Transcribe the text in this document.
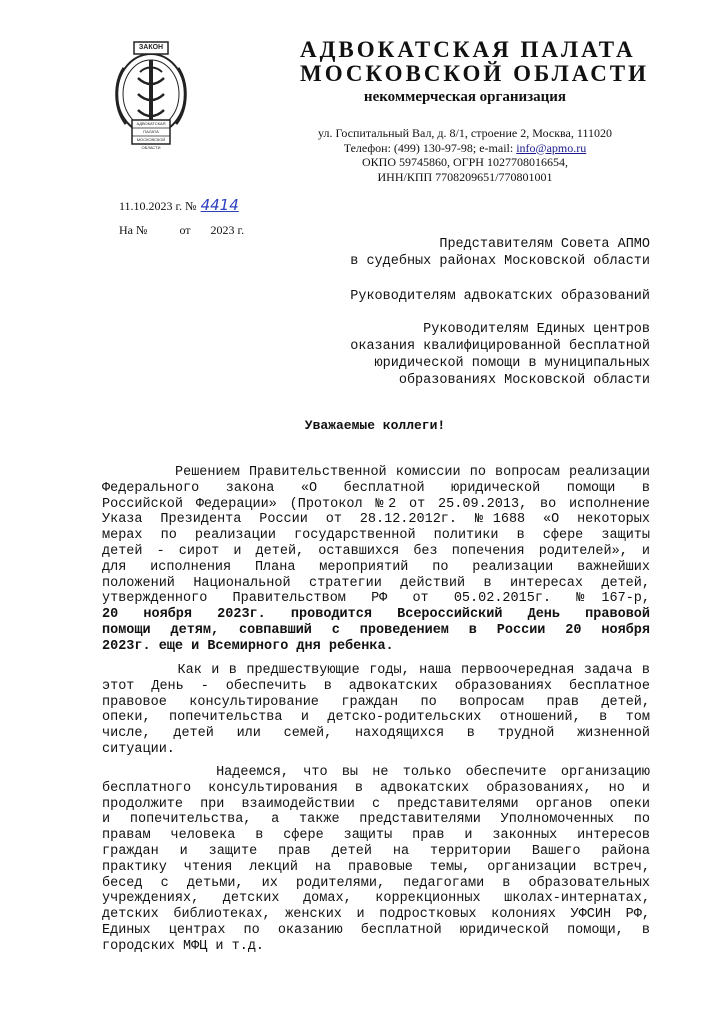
ЗАКОН
АДВОКАТСКАЯ ПАЛАТА МОСКОВСКОЙ ОБЛАСТИ
АДВОКАТСКАЯ ПАЛАТА
МОСКОВСКОЙ ОБЛАСТИ
некоммерческая организация
ул. Госпитальный Вал, д. 8/1, строение 2, Москва, 111020
Телефон: (499) 130-97-98; e-mail: info@apmo.ru
ОКПО 59745860, ОГРН 1027708016654,
ИНН/КПП 7708209651/770801001
11.10.2023 г. № 4414
На №	от 2023 г.
Представителям Совета АПМО
в судебных районах Московской области
Руководителям адвокатских образований
Руководителям Единых центров
оказания квалифицированной бесплатной
юридической помощи в муниципальных
образованиях Московской области
Уважаемые коллеги!
Решением Правительственной комиссии по вопросам реализации
Федерального закона «О бесплатной юридической помощи в
Российской Федерации» (Протокол №2 от 25.09.2013, во исполнение
Указа Президента России от 28.12.2012г. №1688 «О некоторых
мерах по реализации государственной политики в сфере защиты
детей - сирот и детей, оставшихся без попечения родителей», и
для исполнения Плана мероприятий по реализации важнейших
положений Национальной стратегии действий в интересах детей,
утвержденного Правительством РФ от 05.02.2015г. №167-р,
20 ноября 2023г. проводится Всероссийский День правовой
помощи детям, совпавший с проведением в России 20 ноября
2023г. еще и Всемирного дня ребенка.
Как и в предшествующие годы, наша первоочередная задача в
этот День - обеспечить в адвокатских образованиях бесплатное
правовое консультирование граждан по вопросам прав детей,
опеки, попечительства и детско-родительских отношений, в том
числе, детей или семей, находящихся в трудной жизненной
ситуации.
Надеемся, что вы не только обеспечите организацию
бесплатного консультирования в адвокатских образованиях, но и
продолжите при взаимодействии с представителями органов опеки
и попечительства, а также представителями Уполномоченных по
правам человека в сфере защиты прав и законных интересов
граждан и защите прав детей на территории Вашего района
практику чтения лекций на правовые темы, организации встреч,
бесед с детьми, их родителями, педагогами в образовательных
учреждениях, детских домах, коррекционных школах-интернатах,
детских библиотеках, женских и подростковых колониях УФСИН РФ,
Единых центрах по оказанию бесплатной юридической помощи, в
городских МФЦ и т.д.
